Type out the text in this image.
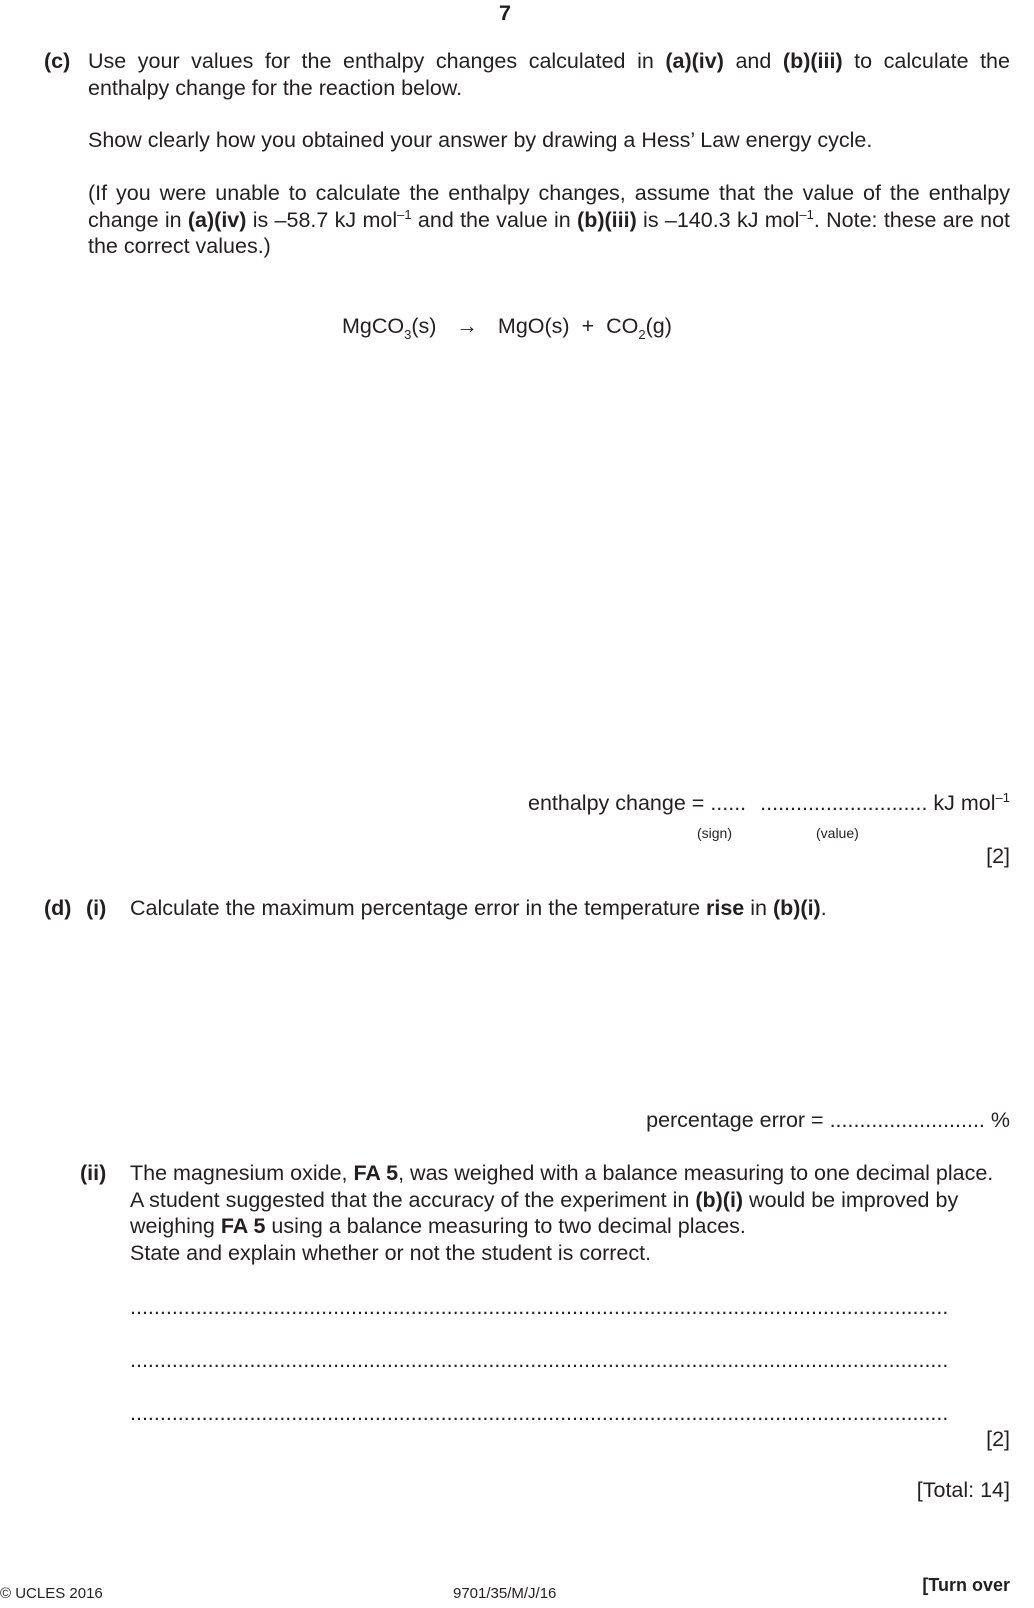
7
(c) Use your values for the enthalpy changes calculated in (a)(iv) and (b)(iii) to calculate the enthalpy change for the reaction below.
Show clearly how you obtained your answer by drawing a Hess’ Law energy cycle.
(If you were unable to calculate the enthalpy changes, assume that the value of the enthalpy change in (a)(iv) is –58.7 kJ mol$^{-1}$ and the value in (b)(iii) is –140.3 kJ mol$^{-1}$. Note: these are not the correct values.)
MgCO$_3$(s) → $MgO(s) + CO_2(g)$
enthalpy change = ...... ............................ kJ mol$^{-1}$
(sign)	(value)
[2]
(d) (i) Calculate the maximum percentage error in the temperature rise in (b)(i).
percentage error = .......................... %
(ii) The magnesium oxide, FA 5, was weighed with a balance measuring to one decimal place.
A student suggested that the accuracy of the experiment in (b)(i) would be improved by
weighing FA 5 using a balance measuring to two decimal places.
State and explain whether or not the student is correct.
.........................................................................................................................................
.........................................................................................................................................
.........................................................................................................................................
[2]
[Total: 14]
© UCLES 2016	9701/35/M/J/16	[Turn over
